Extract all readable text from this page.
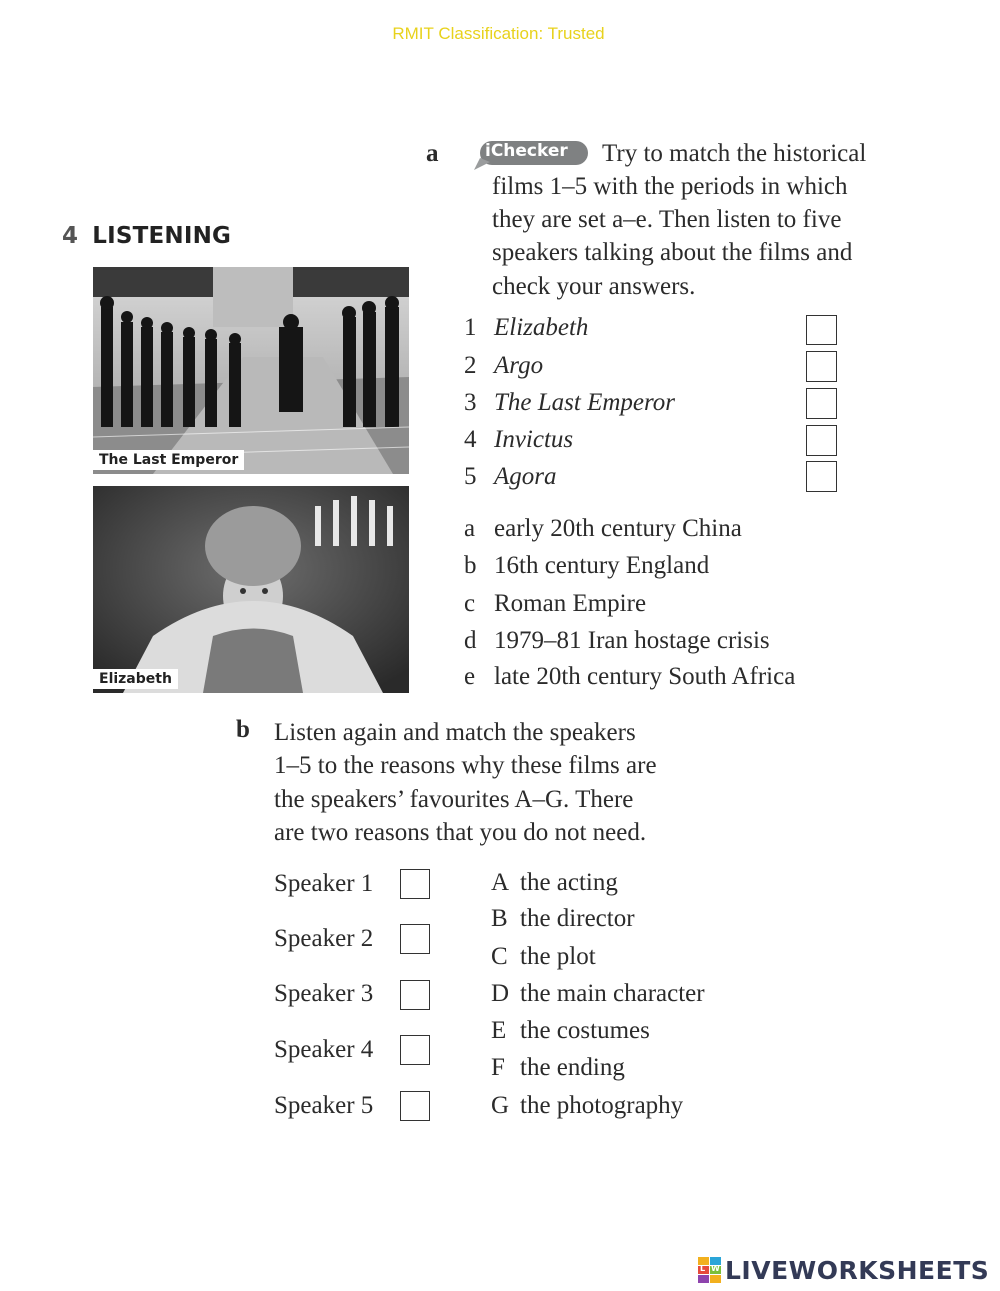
RMIT Classification: Trusted
4 LISTENING
The Last Emperor
Elizabeth
a	iChecker Try to match the historical
films 1–5 with the periods in which
they are set a–e. Then listen to five
speakers talking about the films and
check your answers.
1 Elizabeth
2 Argo
3 The Last Emperor
4 Invictus
5 Agora
a early 20th century China
b 16th century England
c Roman Empire
d 1979–81 Iran hostage crisis
e late 20th century South Africa
b Listen again and match the speakers
1–5 to the reasons why these films are
the speakers’ favourites A–G. There
are two reasons that you do not need.
Speaker 1
Speaker 2
Speaker 3
Speaker 4
Speaker 5
A the acting
B the director
C the plot
D the main character
E the costumes
F the ending
G the photography
L W LIVEWORKSHEETS
